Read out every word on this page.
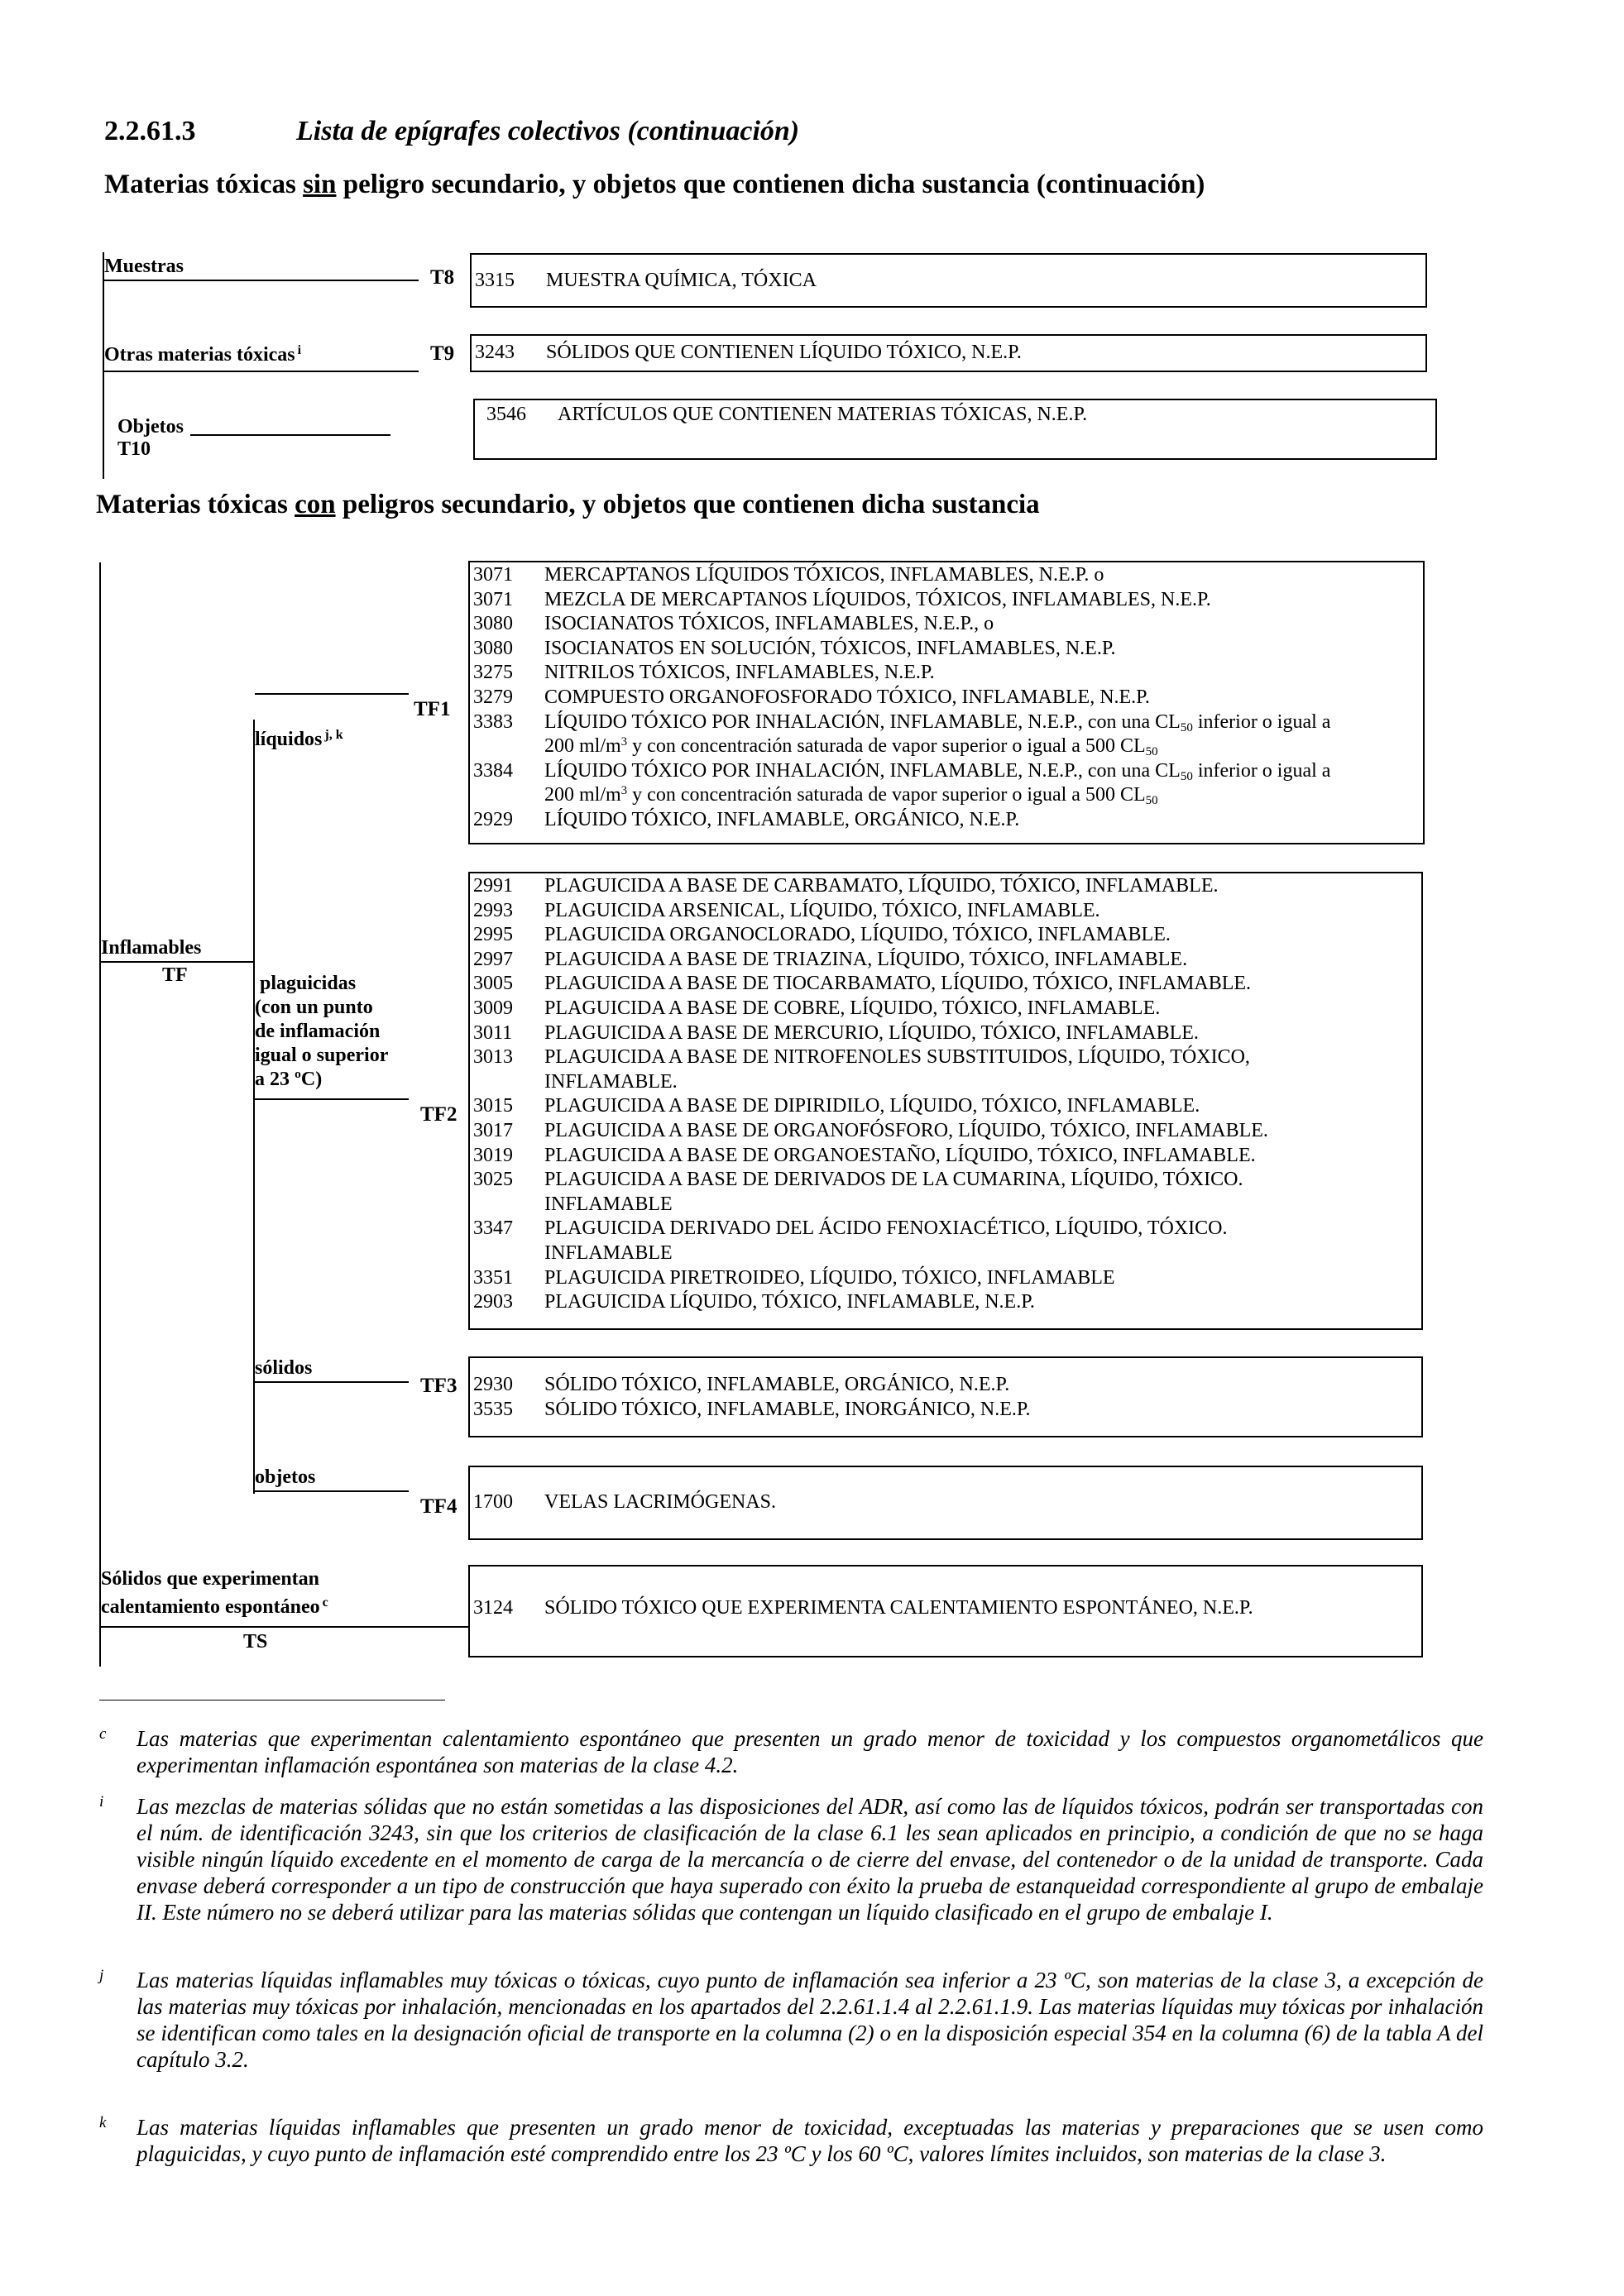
2.2.61.3	Lista de epígrafes colectivos (continuación)
Materias tóxicas sin peligro secundario, y objetos que contienen dicha sustancia (continuación)
Muestras	T8 3315	MUESTRA QUÍMICA, TÓXICA
Otras materias tóxicas $^i$	T9 3243	SÓLIDOS QUE CONTIENEN LÍQUIDO TÓXICO, N.E.P.
Objetos
T10
3546	ARTÍCULOS QUE CONTIENEN MATERIAS TÓXICAS, N.E.P.
Materias tóxicas con peligros secundario, y objetos que contienen dicha sustancia
Inflamables
TF
líquidos $^{j, k}$
TF1
3071	MERCAPTANOS LÍQUIDOS TÓXICOS, INFLAMABLES, N.E.P. o
3071	MEZCLA DE MERCAPTANOS LÍQUIDOS, TÓXICOS, INFLAMABLES, N.E.P.
3080	ISOCIANATOS TÓXICOS, INFLAMABLES, N.E.P., o
3080	ISOCIANATOS EN SOLUCIÓN, TÓXICOS, INFLAMABLES, N.E.P.
3275	NITRILOS TÓXICOS, INFLAMABLES, N.E.P.
3279	COMPUESTO ORGANOFOSFORADO TÓXICO, INFLAMABLE, N.E.P.
3383	LÍQUIDO TÓXICO POR INHALACIÓN, INFLAMABLE, N.E.P., con una $CL_{50}$ inferior o igual a
200 $ml/m^3$ y con concentración saturada de vapor superior o igual a 500 $CL_{50}$
3384	LÍQUIDO TÓXICO POR INHALACIÓN, INFLAMABLE, N.E.P., con una $CL_{50}$ inferior o igual a
200 $ml/m^3$ y con concentración saturada de vapor superior o igual a 500 $CL_{50}$
2929	LÍQUIDO TÓXICO, INFLAMABLE, ORGÁNICO, N.E.P.
plaguicidas
(con un punto
de inflamación
igual o superior
a 23 ºC)
TF2
2991	PLAGUICIDA A BASE DE CARBAMATO, LÍQUIDO, TÓXICO, INFLAMABLE.
2993	PLAGUICIDA ARSENICAL, LÍQUIDO, TÓXICO, INFLAMABLE.
2995	PLAGUICIDA ORGANOCLORADO, LÍQUIDO, TÓXICO, INFLAMABLE.
2997	PLAGUICIDA A BASE DE TRIAZINA, LÍQUIDO, TÓXICO, INFLAMABLE.
3005	PLAGUICIDA A BASE DE TIOCARBAMATO, LÍQUIDO, TÓXICO, INFLAMABLE.
3009	PLAGUICIDA A BASE DE COBRE, LÍQUIDO, TÓXICO, INFLAMABLE.
3011	PLAGUICIDA A BASE DE MERCURIO, LÍQUIDO, TÓXICO, INFLAMABLE.
3013	PLAGUICIDA A BASE DE NITROFENOLES SUBSTITUIDOS, LÍQUIDO, TÓXICO,
INFLAMABLE.
3015	PLAGUICIDA A BASE DE DIPIRIDILO, LÍQUIDO, TÓXICO, INFLAMABLE.
3017	PLAGUICIDA A BASE DE ORGANOFÓSFORO, LÍQUIDO, TÓXICO, INFLAMABLE.
3019	PLAGUICIDA A BASE DE ORGANOESTAÑO, LÍQUIDO, TÓXICO, INFLAMABLE.
3025	PLAGUICIDA A BASE DE DERIVADOS DE LA CUMARINA, LÍQUIDO, TÓXICO.
INFLAMABLE
3347	PLAGUICIDA DERIVADO DEL ÁCIDO FENOXIACÉTICO, LÍQUIDO, TÓXICO.
INFLAMABLE
3351	PLAGUICIDA PIRETROIDEO, LÍQUIDO, TÓXICO, INFLAMABLE
2903	PLAGUICIDA LÍQUIDO, TÓXICO, INFLAMABLE, N.E.P.
sólidos
TF3 2930	SÓLIDO TÓXICO, INFLAMABLE, ORGÁNICO, N.E.P.
3535	SÓLIDO TÓXICO, INFLAMABLE, INORGÁNICO, N.E.P.
objetos
TF4 1700	VELAS LACRIMÓGENAS.
Sólidos que experimentan
calentamiento espontáneo $^c$
TS
3124	SÓLIDO TÓXICO QUE EXPERIMENTA CALENTAMIENTO ESPONTÁNEO, N.E.P.
c Las materias que experimentan calentamiento espontáneo que presenten un grado menor de toxicidad y los compuestos organometálicos que experimentan inflamación espontánea son materias de la clase 4.2.
i Las mezclas de materias sólidas que no están sometidas a las disposiciones del ADR, así como las de líquidos tóxicos, podrán ser transportadas con el núm. de identificación 3243, sin que los criterios de clasificación de la clase 6.1 les sean aplicados en principio, a condición de que no se haga visible ningún líquido excedente en el momento de carga de la mercancía o de cierre del envase, del contenedor o de la unidad de transporte. Cada envase deberá corresponder a un tipo de construcción que haya superado con éxito la prueba de estanqueidad correspondiente al grupo de embalaje II. Este número no se deberá utilizar para las materias sólidas que contengan un líquido clasificado en el grupo de embalaje I.
j Las materias líquidas inflamables muy tóxicas o tóxicas, cuyo punto de inflamación sea inferior a 23 ºC, son materias de la clase 3, a excepción de las materias muy tóxicas por inhalación, mencionadas en los apartados del 2.2.61.1.4 al 2.2.61.1.9. Las materias líquidas muy tóxicas por inhalación se identifican como tales en la designación oficial de transporte en la columna (2) o en la disposición especial 354 en la columna (6) de la tabla A del capítulo 3.2.
k Las materias líquidas inflamables que presenten un grado menor de toxicidad, exceptuadas las materias y preparaciones que se usen como plaguicidas, y cuyo punto de inflamación esté comprendido entre los 23 ºC y los 60 ºC, valores límites incluidos, son materias de la clase 3.
